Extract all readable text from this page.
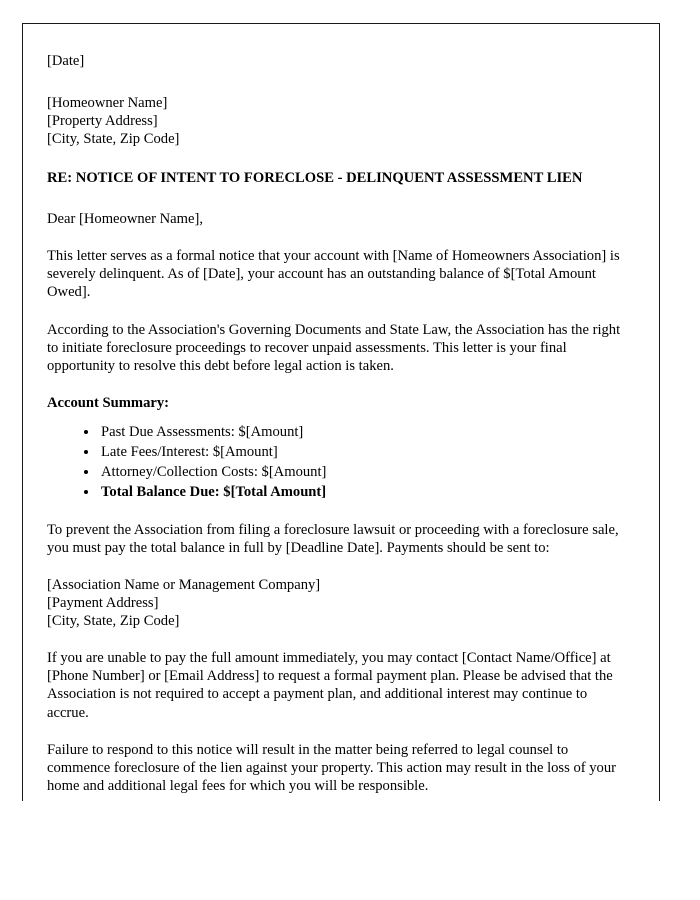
[Date]
[Homeowner Name]
[Property Address]
[City, State, Zip Code]
RE: NOTICE OF INTENT TO FORECLOSE - DELINQUENT ASSESSMENT LIEN
Dear [Homeowner Name],

This letter serves as a formal notice that your account with [Name of Homeowners Association] is severely delinquent. As of [Date], your account has an outstanding balance of $[Total Amount Owed].

According to the Association's Governing Documents and State Law, the Association has the right to initiate foreclosure proceedings to recover unpaid assessments. This letter is your final opportunity to resolve this debt before legal action is taken.

Account Summary:
• Past Due Assessments: $[Amount]
• Late Fees/Interest: $[Amount]
• Attorney/Collection Costs: $[Amount]
• Total Balance Due: $[Total Amount]

To prevent the Association from filing a foreclosure lawsuit or proceeding with a foreclosure sale, you must pay the total balance in full by [Deadline Date]. Payments should be sent to:

[Association Name or Management Company]
[Payment Address]
[City, State, Zip Code]

If you are unable to pay the full amount immediately, you may contact [Contact Name/Office] at [Phone Number] or [Email Address] to request a formal payment plan. Please be advised that the Association is not required to accept a payment plan, and additional interest may continue to accrue.

Failure to respond to this notice will result in the matter being referred to legal counsel to commence foreclosure of the lien against your property. This action may result in the loss of your home and additional legal fees for which you will be responsible.
